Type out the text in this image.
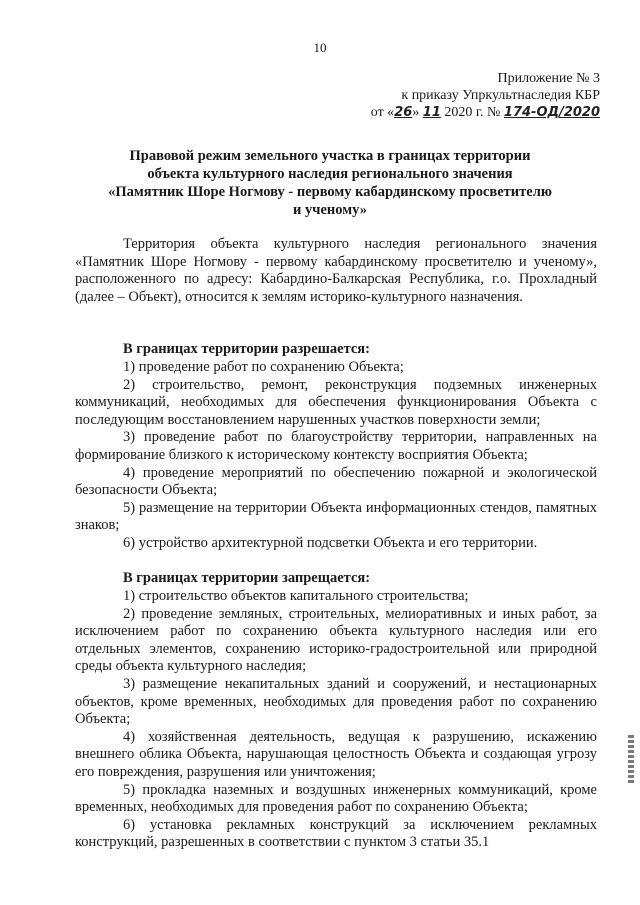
10
Приложение № 3
к приказу Упркультнаследия КБР
от «26» 11 2020 г. № 174-ОД/2020
Правовой режим земельного участка в границах территории
объекта культурного наследия регионального значения
«Памятник Шоре Ногмову - первому кабардинскому просветителю
и ученому»
Территория объекта культурного наследия регионального значения «Памятник Шоре Ногмову - первому кабардинскому просветителю и ученому», расположенного по адресу: Кабардино-Балкарская Республика, г.о. Прохладный (далее – Объект), относится к землям историко-культурного назначения.
В границах территории разрешается:

1) проведение работ по сохранению Объекта;

2) строительство, ремонт, реконструкция подземных инженерных коммуникаций, необходимых для обеспечения функционирования Объекта с последующим восстановлением нарушенных участков поверхности земли;

3) проведение работ по благоустройству территории, направленных на формирование близкого к историческому контексту восприятия Объекта;

4) проведение мероприятий по обеспечению пожарной и экологической безопасности Объекта;

5) размещение на территории Объекта информационных стендов, памятных знаков;

6) устройство архитектурной подсветки Объекта и его территории.

В границах территории запрещается:

1) строительство объектов капитального строительства;

2) проведение земляных, строительных, мелиоративных и иных работ, за исключением работ по сохранению объекта культурного наследия или его отдельных элементов, сохранению историко-градостроительной или природной среды объекта культурного наследия;

3) размещение некапитальных зданий и сооружений, и нестационарных объектов, кроме временных, необходимых для проведения работ по сохранению Объекта;

4) хозяйственная деятельность, ведущая к разрушению, искажению внешнего облика Объекта, нарушающая целостность Объекта и создающая угрозу его повреждения, разрушения или уничтожения;

5) прокладка наземных и воздушных инженерных коммуникаций, кроме временных, необходимых для проведения работ по сохранению Объекта;

6) установка рекламных конструкций за исключением рекламных конструкций, разрешенных в соответствии с пунктом 3 статьи 35.1
